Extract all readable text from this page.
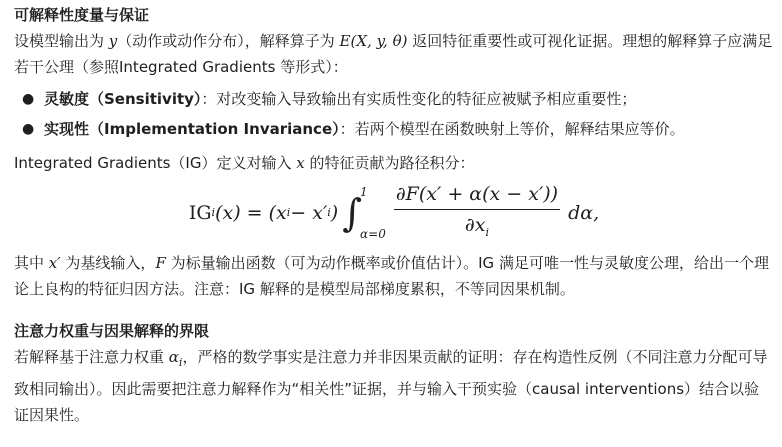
可解释性度量与保证

设模型输出为 y（动作或动作分布），解释算子为 E(X, y, θ) 返回特征重要性或可视化证据。理想的解释算子应满足若干公理（参照Integrated Gradients 等形式）：

● 灵敏度（Sensitivity）：对改变输入导致输出有实质性变化的特征应被赋予相应重要性；
● 实现性（Implementation Invariance）：若两个模型在函数映射上等价，解释结果应等价。

Integrated Gradients（IG）定义对输入 x 的特征贡献为路径积分：

IG i (x) = (x i − x′ i ) ∫
1
$\alpha=0 \frac{\partial F(x' + \alpha(x - x'))}{\partial x_i} d\alpha$,

其中 x′ 为基线输入，F 为标量输出函数（可为动作概率或价值估计）。IG 满足可唯一性与灵敏度公理，给出一个理论上良构的特征归因方法。注意：IG 解释的是模型局部梯度累积，不等同因果机制。

注意力权重与因果解释的界限

若解释基于注意力权重 $\alpha_i$，严格的数学事实是注意力并非因果贡献的证明：存在构造性反例（不同注意力分配可导致相同输出）。因此需要把注意力解释作为“相关性”证据，并与输入干预实验（causal interventions）结合以验证因果性。
